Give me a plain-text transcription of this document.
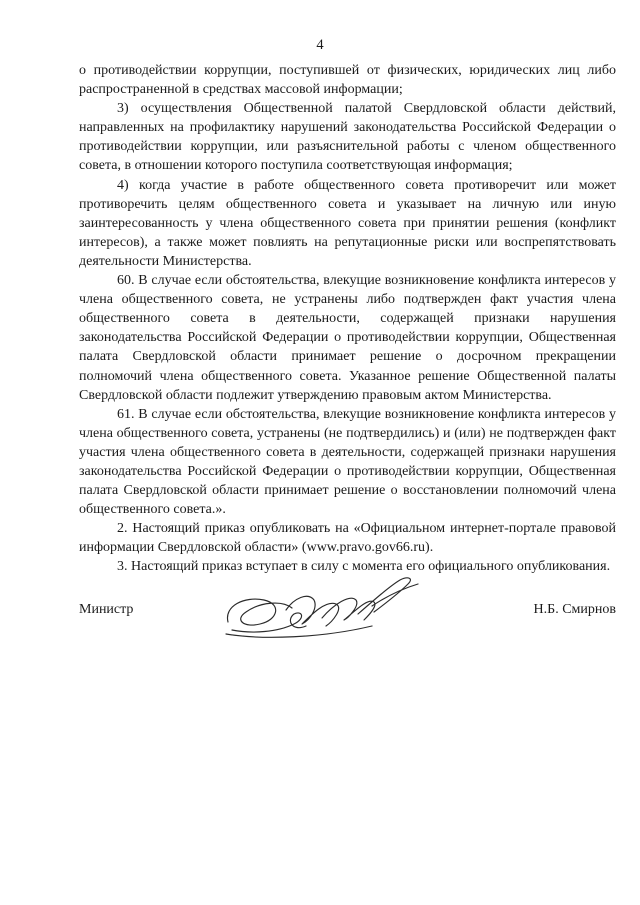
4

о противодействии коррупции, поступившей от физических, юридических лиц либо распространенной в средствах массовой информации;

3) осуществления Общественной палатой Свердловской области действий, направленных на профилактику нарушений законодательства Российской Федерации о противодействии коррупции, или разъяснительной работы с членом общественного совета, в отношении которого поступила соответствующая информация;

4) когда участие в работе общественного совета противоречит или может противоречить целям общественного совета и указывает на личную или иную заинтересованность у члена общественного совета при принятии решения (конфликт интересов), а также может повлиять на репутационные риски или воспрепятствовать деятельности Министерства.

60. В случае если обстоятельства, влекущие возникновение конфликта интересов у члена общественного совета, не устранены либо подтвержден факт участия члена общественного совета в деятельности, содержащей признаки нарушения законодательства Российской Федерации о противодействии коррупции, Общественная палата Свердловской области принимает решение о досрочном прекращении полномочий члена общественного совета. Указанное решение Общественной палаты Свердловской области подлежит утверждению правовым актом Министерства.

61. В случае если обстоятельства, влекущие возникновение конфликта интересов у члена общественного совета, устранены (не подтвердились) и (или) не подтвержден факт участия члена общественного совета в деятельности, содержащей признаки нарушения законодательства Российской Федерации о противодействии коррупции, Общественная палата Свердловской области принимает решение о восстановлении полномочий члена общественного совета.».

2. Настоящий приказ опубликовать на «Официальном интернет-портале правовой информации Свердловской области» (www.pravo.gov66.ru).

3. Настоящий приказ вступает в силу с момента его официального опубликования.

Министр	Н.Б. Смирнов
